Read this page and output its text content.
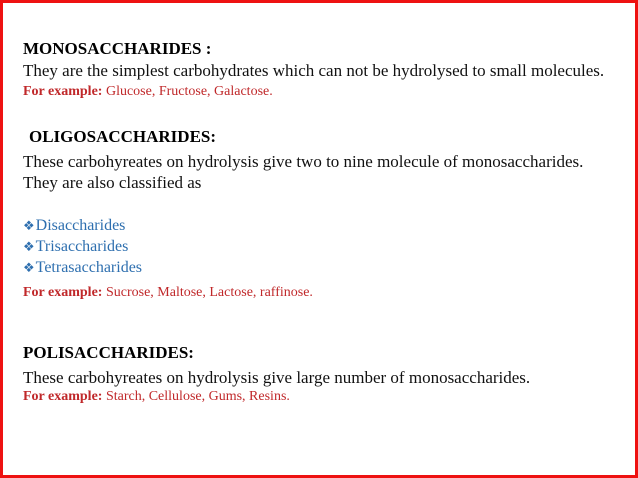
MONOSACCHARIDES :
They are the simplest carbohydrates which can not be hydrolysed to small molecules.
For example: Glucose, Fructose, Galactose.
OLIGOSACCHARIDES:
These carbohyreates on hydrolysis give two to nine molecule of monosaccharides.
They are also classified as
❖Disaccharides
❖Trisaccharides
❖Tetrasaccharides
For example: Sucrose, Maltose, Lactose, raffinose.
POLISACCHARIDES:
These carbohyreates on hydrolysis give large number of monosaccharides.
For example: Starch, Cellulose, Gums, Resins.
